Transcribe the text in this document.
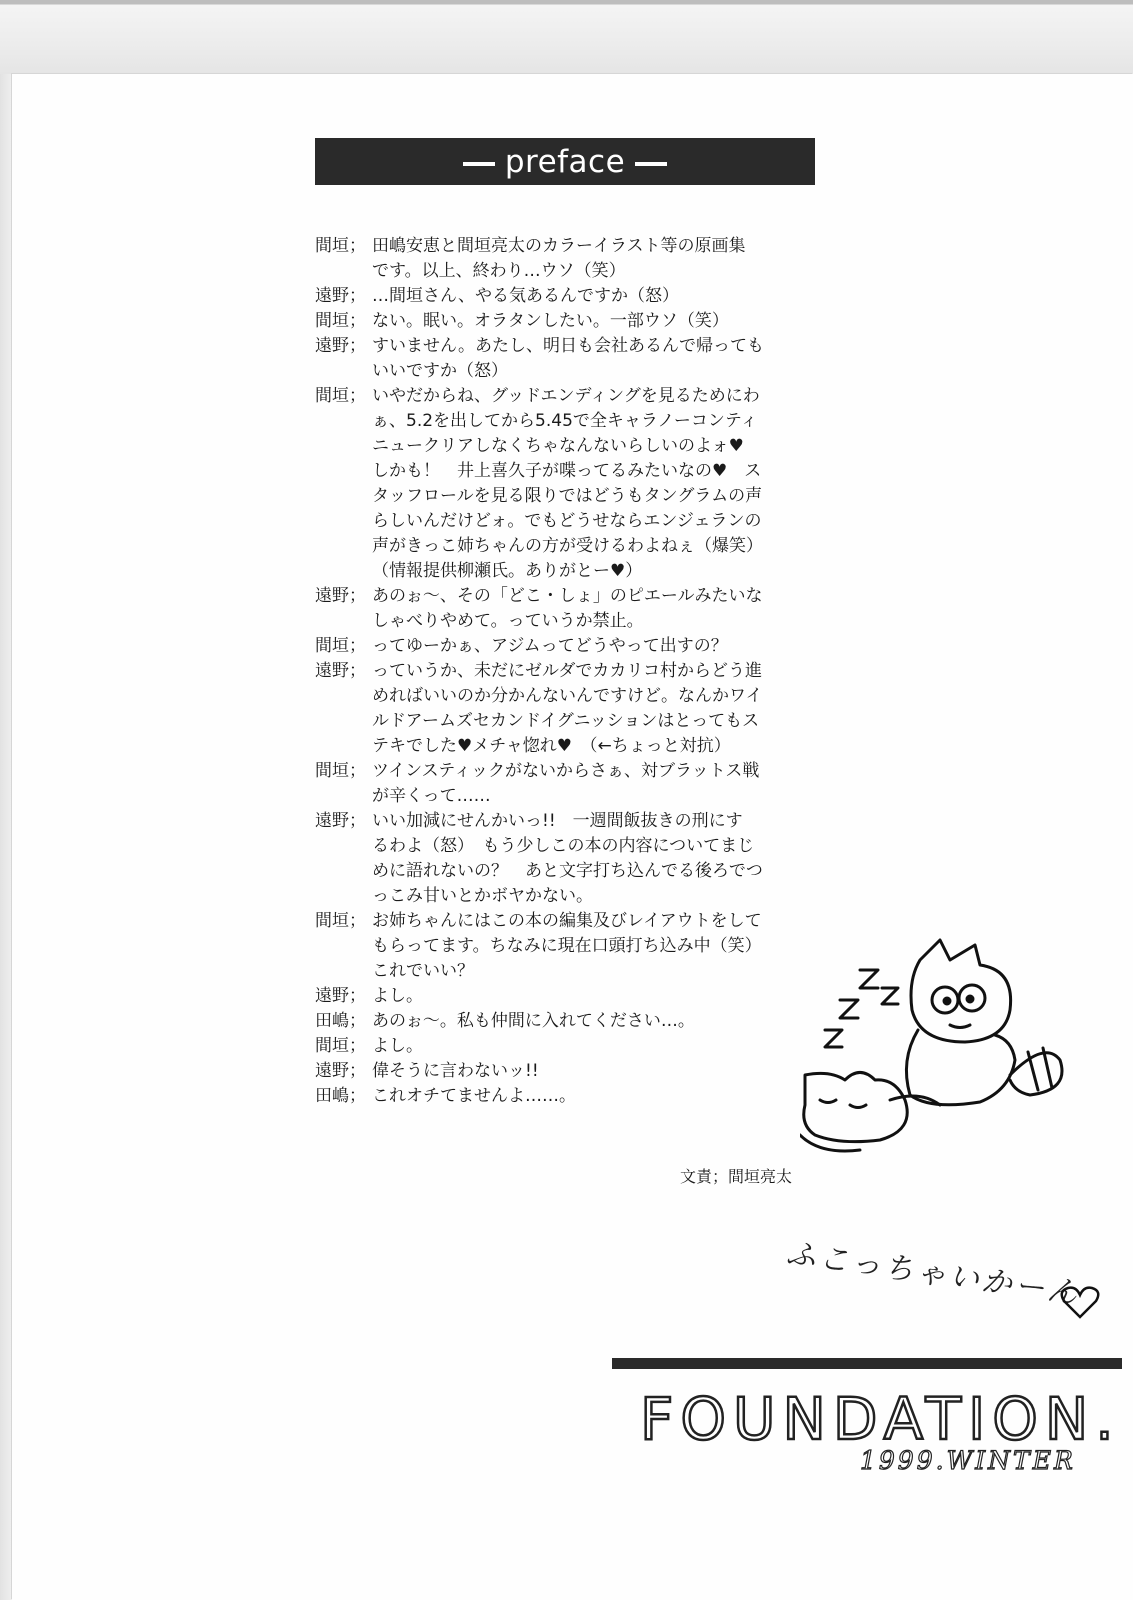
preface
間垣； 田嶋安恵と間垣亮太のカラーイラスト等の原画集
です。以上、終わり…ウソ（笑）
遠野； …間垣さん、やる気あるんですか（怒）
間垣； ない。眠い。オラタンしたい。一部ウソ（笑）
遠野； すいません。あたし、明日も会社あるんで帰っても
いいですか（怒）
間垣； いやだからね、グッドエンディングを見るためにわ
ぁ、5.2を出してから5.45で全キャラノーコンティ
ニュークリアしなくちゃなんないらしいのよォ♥
しかも！　井上喜久子が喋ってるみたいなの♥　ス
タッフロールを見る限りではどうもタングラムの声
らしいんだけどォ。でもどうせならエンジェランの
声がきっこ姉ちゃんの方が受けるわよねぇ（爆笑）
（情報提供柳瀬氏。ありがとー♥）
遠野； あのぉ～、その「どこ・しょ」のピエールみたいな
しゃべりやめて。っていうか禁止。
間垣； ってゆーかぁ、アジムってどうやって出すの？
遠野； っていうか、未だにゼルダでカカリコ村からどう進
めればいいのか分かんないんですけど。なんかワイ
ルドアームズセカンドイグニッションはとってもス
テキでした♥メチャ惚れ♥　（←ちょっと対抗）
間垣； ツインスティックがないからさぁ、対ブラットス戦
が辛くって……
遠野； いい加減にせんかいっ!!　一週間飯抜きの刑にす
るわよ（怒）　もう少しこの本の内容についてまじ
めに語れないの？　あと文字打ち込んでる後ろでつ
っこみ甘いとかボヤかない。
間垣； お姉ちゃんにはこの本の編集及びレイアウトをして
もらってます。ちなみに現在口頭打ち込み中（笑）
これでいい？
遠野； よし。
田嶋； あのぉ～。私も仲間に入れてください…。
間垣； よし。
遠野； 偉そうに言わないッ!!
田嶋； これオチてませんよ……。
文責；間垣亮太
ふこっちゃいかーん
FOUNDATION.
1999.WINTER
